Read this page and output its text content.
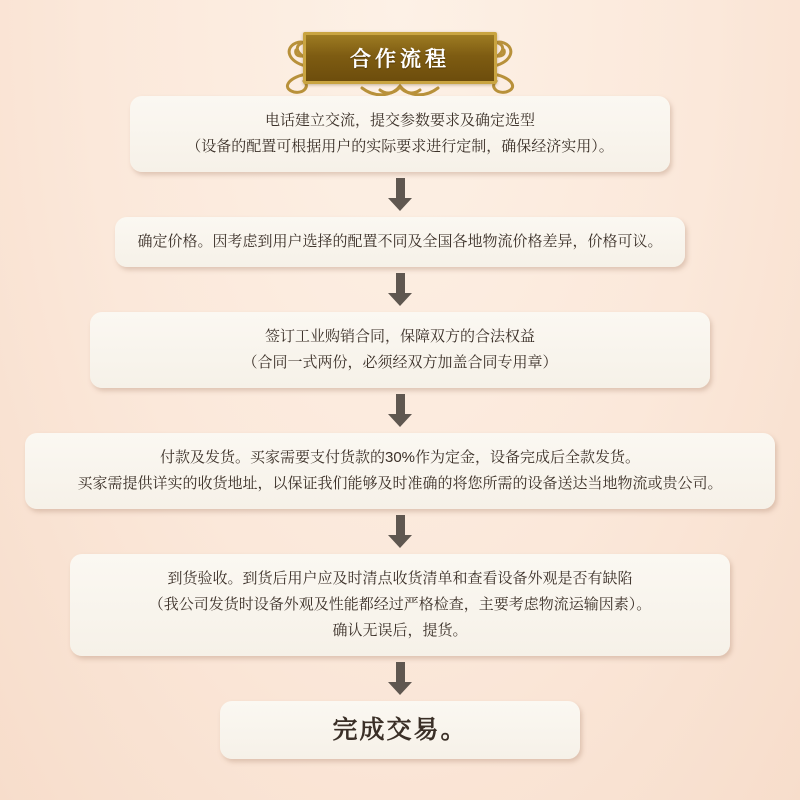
合作流程
电话建立交流，提交参数要求及确定选型
（设备的配置可根据用户的实际要求进行定制，确保经济实用）。
确定价格。因考虑到用户选择的配置不同及全国各地物流价格差异，价格可议。
签订工业购销合同，保障双方的合法权益
（合同一式两份，必须经双方加盖合同专用章）
付款及发货。买家需要支付货款的30%作为定金，设备完成后全款发货。
买家需提供详实的收货地址，以保证我们能够及时准确的将您所需的设备送达当地物流或贵公司。
到货验收。到货后用户应及时清点收货清单和查看设备外观是否有缺陷
（我公司发货时设备外观及性能都经过严格检查，主要考虑物流运输因素）。
确认无误后，提货。
完成交易。
